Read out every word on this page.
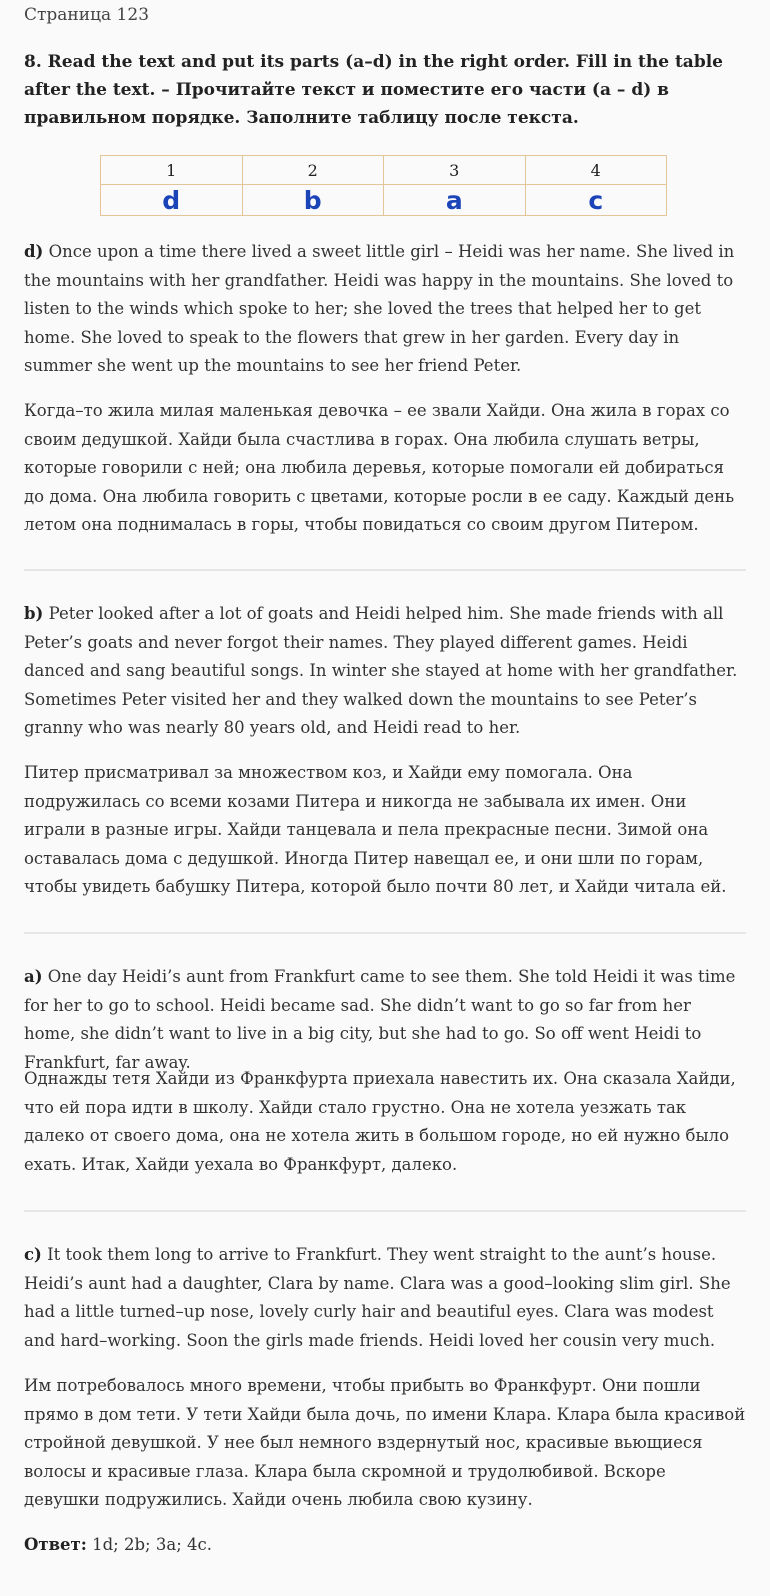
Страница 123
8. Read the text and put its parts (a–d) in the right order. Fill in the table after the text. – Прочитайте текст и поместите его части (a – d) в правильном порядке. Заполните таблицу после текста.
1	2	3	4
d	b	a	c
d) Once upon a time there lived a sweet little girl – Heidi was her name. She lived in the mountains with her grandfather. Heidi was happy in the mountains. She loved to listen to the winds which spoke to her; she loved the trees that helped her to get home. She loved to speak to the flowers that grew in her garden. Every day in summer she went up the mountains to see her friend Peter.
Когда–то жила милая маленькая девочка – ее звали Хайди. Она жила в горах со своим дедушкой. Хайди была счастлива в горах. Она любила слушать ветры, которые говорили с ней; она любила деревья, которые помогали ей добираться до дома. Она любила говорить с цветами, которые росли в ее саду. Каждый день летом она поднималась в горы, чтобы повидаться со своим другом Питером.
b) Peter looked after a lot of goats and Heidi helped him. She made friends with all Peter’s goats and never forgot their names. They played different games. Heidi danced and sang beautiful songs. In winter she stayed at home with her grandfather. Sometimes Peter visited her and they walked down the mountains to see Peter’s granny who was nearly 80 years old, and Heidi read to her.
Питер присматривал за множеством коз, и Хайди ему помогала. Она подружилась со всеми козами Питера и никогда не забывала их имен. Они играли в разные игры. Хайди танцевала и пела прекрасные песни. Зимой она оставалась дома с дедушкой. Иногда Питер навещал ее, и они шли по горам, чтобы увидеть бабушку Питера, которой было почти 80 лет, и Хайди читала ей.
a) One day Heidi’s aunt from Frankfurt came to see them. She told Heidi it was time for her to go to school. Heidi became sad. She didn’t want to go so far from her home, she didn’t want to live in a big city, but she had to go. So off went Heidi to Frankfurt, far away.
Однажды тетя Хайди из Франкфурта приехала навестить их. Она сказала Хайди, что ей пора идти в школу. Хайди стало грустно. Она не хотела уезжать так далеко от своего дома, она не хотела жить в большом городе, но ей нужно было ехать. Итак, Хайди уехала во Франкфурт, далеко.
c) It took them long to arrive to Frankfurt. They went straight to the aunt’s house. Heidi’s aunt had a daughter, Clara by name. Clara was a good–looking slim girl. She had a little turned–up nose, lovely curly hair and beautiful eyes. Clara was modest and hard–working. Soon the girls made friends. Heidi loved her cousin very much.
Им потребовалось много времени, чтобы прибыть во Франкфурт. Они пошли прямо в дом тети. У тети Хайди была дочь, по имени Клара. Клара была красивой стройной девушкой. У нее был немного вздернутый нос, красивые вьющиеся волосы и красивые глаза. Клара была скромной и трудолюбивой. Вскоре девушки подружились. Хайди очень любила свою кузину.
Ответ: 1d; 2b; 3a; 4c.
